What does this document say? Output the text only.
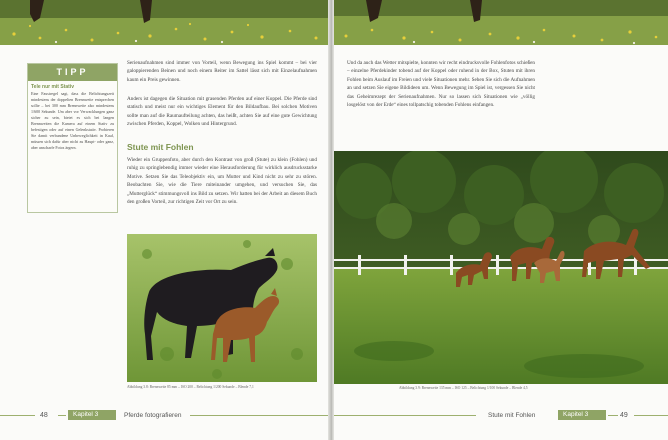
TIPP
Tele nur mit Stativ
Eine Faustregel sagt, dass die Belichtungszeit mindestens der doppelten Brennweite entsprechen sollte – bei 300 mm Brennweite also mindestens 1/600 Sekunde. Um aber vor Verwacklungen ganz sicher zu sein, bietet es sich bei langen Brennweiten die Kamera auf einem Stativ zu befestigen oder auf einen Gelenkstativ. Probieren Sie damit verbundene Unbeweglichkeit in Kauf, müssen sich dafür aber nicht zu Haupt- oder ganz, aber unscharfe Fotos ärgern.

Serienaufnahmen sind immer von Vorteil, wenn Bewegung ins Spiel kommt – bei vier galoppierenden Beinen und noch einem Reiter im Sattel lässt sich mit Einzelaufnahmen kaum ein Preis gewinnen.

Anders ist dagegen die Situation mit grasenden Pferden auf einer Koppel. Die Pferde sind statisch und meist nur ein wichtiges Element für den Bildaufbau. Bei solchen Motiven sollte man auf die Raumaufteilung achten, das heißt, achten Sie auf eine gute Gewichtung zwischen Pferden, Koppel, Wolken und Hintergrund.

Stute mit Fohlen

Wieder ein Gruppenfoto, aber durch den Kontrast von groß (Stute) zu klein (Fohlen) und ruhig zu springlebendig immer wieder eine Herausforderung für wirklich ausdrucksstarke Motive. Setzen Sie das Teleobjektiv ein, um Mutter und Kind nicht zu sehr zu stören. Beobachten Sie, wie die Tiere miteinander umgehen, und versuchen Sie, das „Mutterglück“ stimmungsvoll ins Bild zu setzen. Wir hatten bei der Arbeit an diesem Buch den großen Vorteil, zur richtigen Zeit vor Ort zu sein.

Abbildung 3.8: Brennweite 85 mm – ISO 200 – Belichtung 1/200 Sekunde – Blende 7,1

48	Kapitel 3	Pferde fotografieren

Und da auch das Wetter mitspielte, konnten wir recht eindrucksvolle Fohlenfotos schießen – einzelne Pferdekinder tobend auf der Koppel oder ruhend in der Box, Stuten mit ihren Fohlen beim Auslauf im Freien und viele Situationen mehr. Sehen Sie sich die Aufnahmen an und setzen Sie eigene Bildideen um. Wenn Bewegung im Spiel ist, vergessen Sie nicht das Geheimrezept der Serienaufnahmen. Nur so lassen sich Situationen wie „völlig losgelöst von der Erde“ eines tollpatschig tobenden Fohlens einfangen.

Abbildung 3.9: Brennweite 135 mm – ISO 125 – Belichtung 1/100 Sekunde – Blende 4,5

Stute mit Fohlen	Kapitel 3	49
